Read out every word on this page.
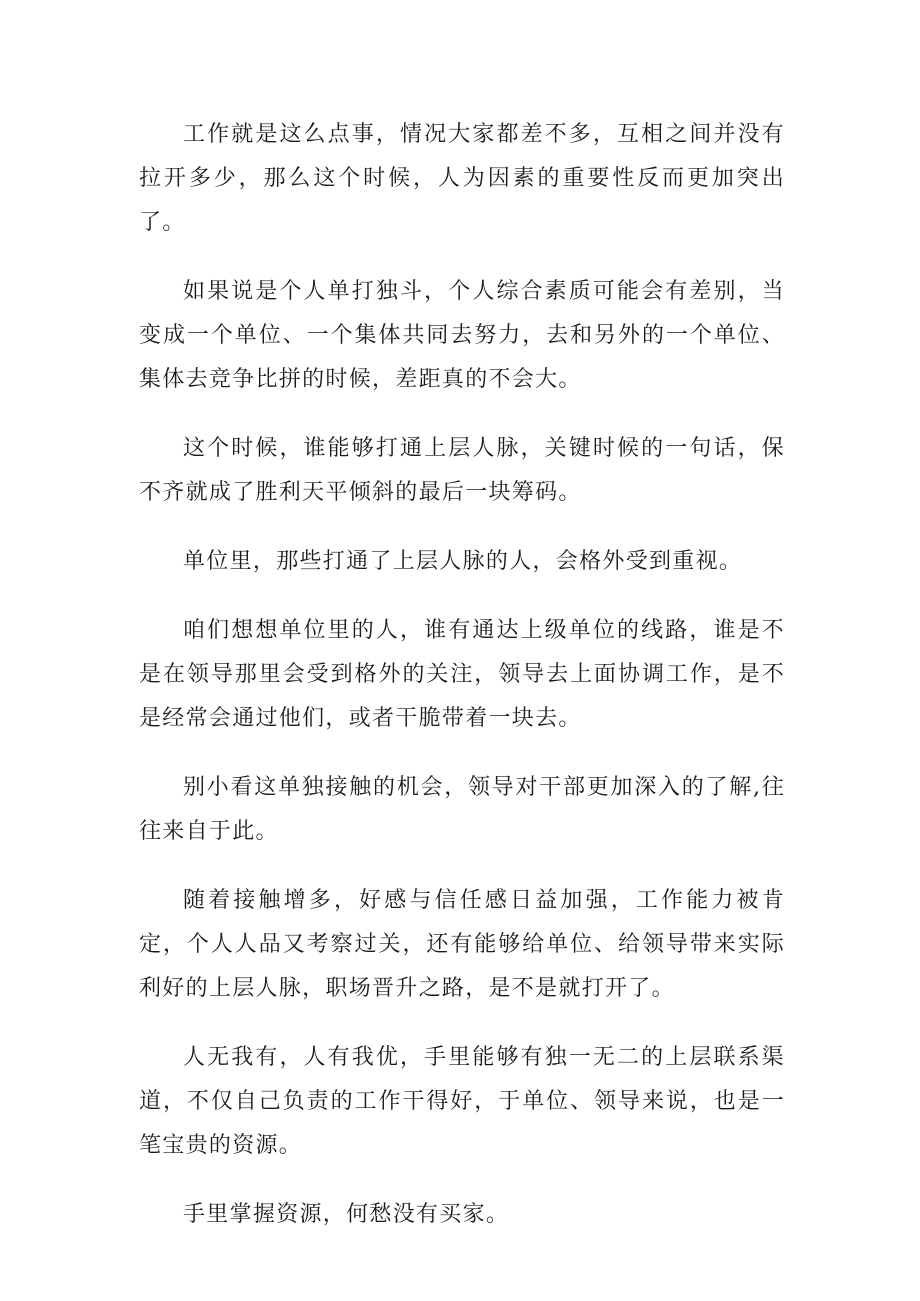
工作就是这么点事，情况大家都差不多，互相之间并没有拉开多少，那么这个时候，人为因素的重要性反而更加突出了。

如果说是个人单打独斗，个人综合素质可能会有差别，当变成一个单位、一个集体共同去努力，去和另外的一个单位、集体去竞争比拼的时候，差距真的不会大。

这个时候，谁能够打通上层人脉，关键时候的一句话，保不齐就成了胜利天平倾斜的最后一块筹码。

单位里，那些打通了上层人脉的人，会格外受到重视。

咱们想想单位里的人，谁有通达上级单位的线路，谁是不是在领导那里会受到格外的关注，领导去上面协调工作，是不是经常会通过他们，或者干脆带着一块去。

别小看这单独接触的机会，领导对干部更加深入的了解,往往来自于此。

随着接触增多，好感与信任感日益加强，工作能力被肯定，个人人品又考察过关，还有能够给单位、给领导带来实际利好的上层人脉，职场晋升之路，是不是就打开了。

人无我有，人有我优，手里能够有独一无二的上层联系渠道，不仅自己负责的工作干得好，于单位、领导来说，也是一笔宝贵的资源。

手里掌握资源，何愁没有买家。
